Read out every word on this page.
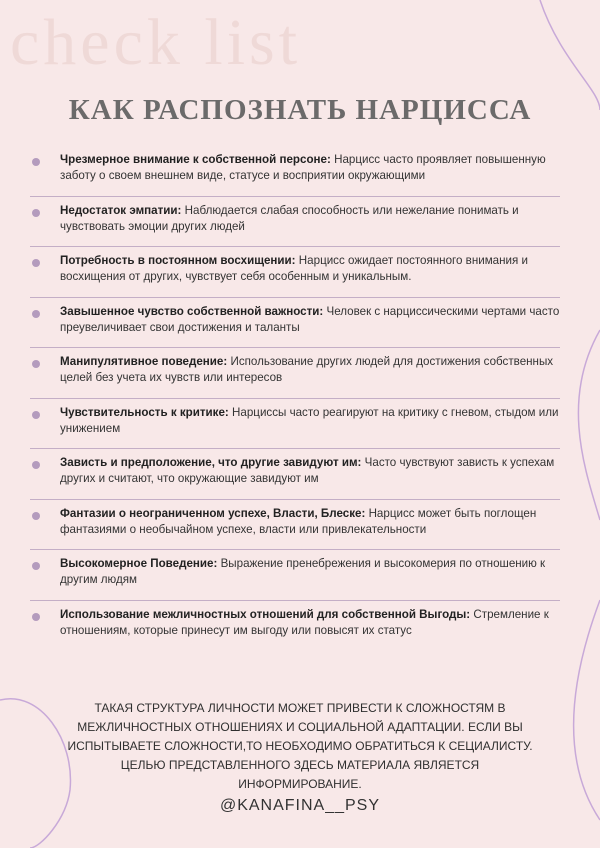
check list

КАК РАСПОЗНАТЬ НАРЦИССА
Чрезмерное внимание к собственной персоне: Нарцисс часто проявляет повышенную заботу о своем внешнем виде, статусе и восприятии окружающими
Недостаток эмпатии: Наблюдается слабая способность или нежелание понимать и чувствовать эмоции других людей
Потребность в постоянном восхищении: Нарцисс ожидает постоянного внимания и восхищения от других, чувствует себя особенным и уникальным.
Завышенное чувство собственной важности: Человек с нарциссическими чертами часто преувеличивает свои достижения и таланты
Манипулятивное поведение: Использование других людей для достижения собственных целей без учета их чувств или интересов
Чувствительность к критике: Нарциссы часто реагируют на критику с гневом, стыдом или унижением
Зависть и предположение, что другие завидуют им: Часто чувствуют зависть к успехам других и считают, что окружающие завидуют им
Фантазии о неограниченном успехе, Власти, Блеске: Нарцисс может быть поглощен фантазиями о необычайном успехе, власти или привлекательности
Высокомерное Поведение: Выражение пренебрежения и высокомерия по отношению к другим людям
Использование межличностных отношений для собственной Выгоды: Стремление к отношениям, которые принесут им выгоду или повысят их статус

ТАКАЯ СТРУКТУРА ЛИЧНОСТИ МОЖЕТ ПРИВЕСТИ К СЛОЖНОСТЯМ В МЕЖЛИЧНОСТНЫХ ОТНОШЕНИЯХ И СОЦИАЛЬНОЙ АДАПТАЦИИ. ЕСЛИ ВЫ ИСПЫТЫВАЕТЕ СЛОЖНОСТИ,ТО НЕОБХОДИМО ОБРАТИТЬСЯ К СЕЦИАЛИСТУ. ЦЕЛЬЮ ПРЕДСТАВЛЕННОГО ЗДЕСЬ МАТЕРИАЛА ЯВЛЯЕТСЯ ИНФОРМИРОВАНИЕ.

@KANAFINA__PSY
